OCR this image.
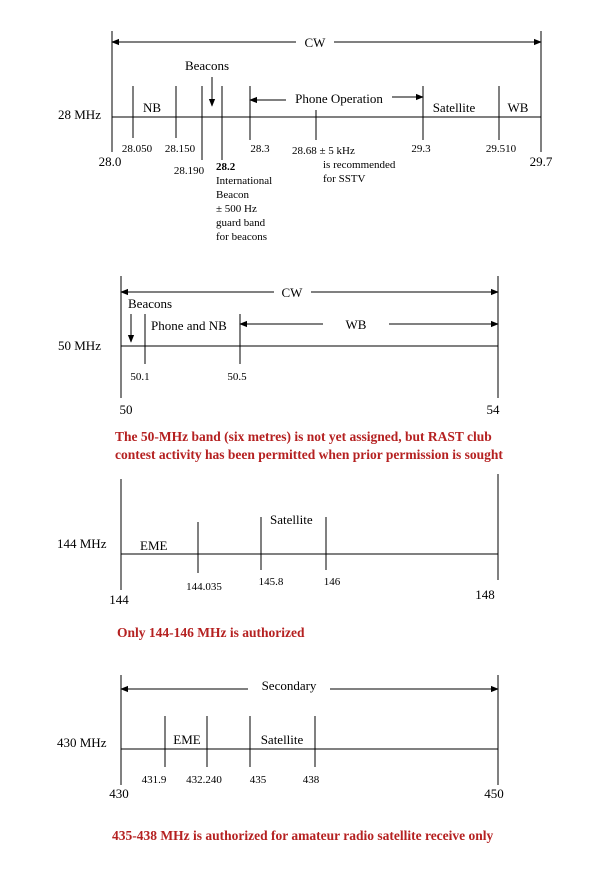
CW
28 MHz	NB
Beacons
Phone Operation
Satellite WB
28.0	29.7
28.050 28.150
28.190
28.3 28.68 ± 5 kHz	29.3	29.510
28.2
International
Beacon
± 500 Hz
guard band
for beacons
is recommended
for SSTV
CW
50 MHz
Beacons
Phone and NB	WB
50.1	50.5
50	54
The 50-MHz band (six metres) is not yet assigned, but RAST club
contest activity has been permitted when prior permission is sought
144 MHz	EME
Satellite
144.035	145.8	146
144	148
Only 144-146 MHz is authorized
Secondary
430 MHz	EME	Satellite
431.9 432.240	435	438
430	450
435-438 MHz is authorized for amateur radio satellite receive only
